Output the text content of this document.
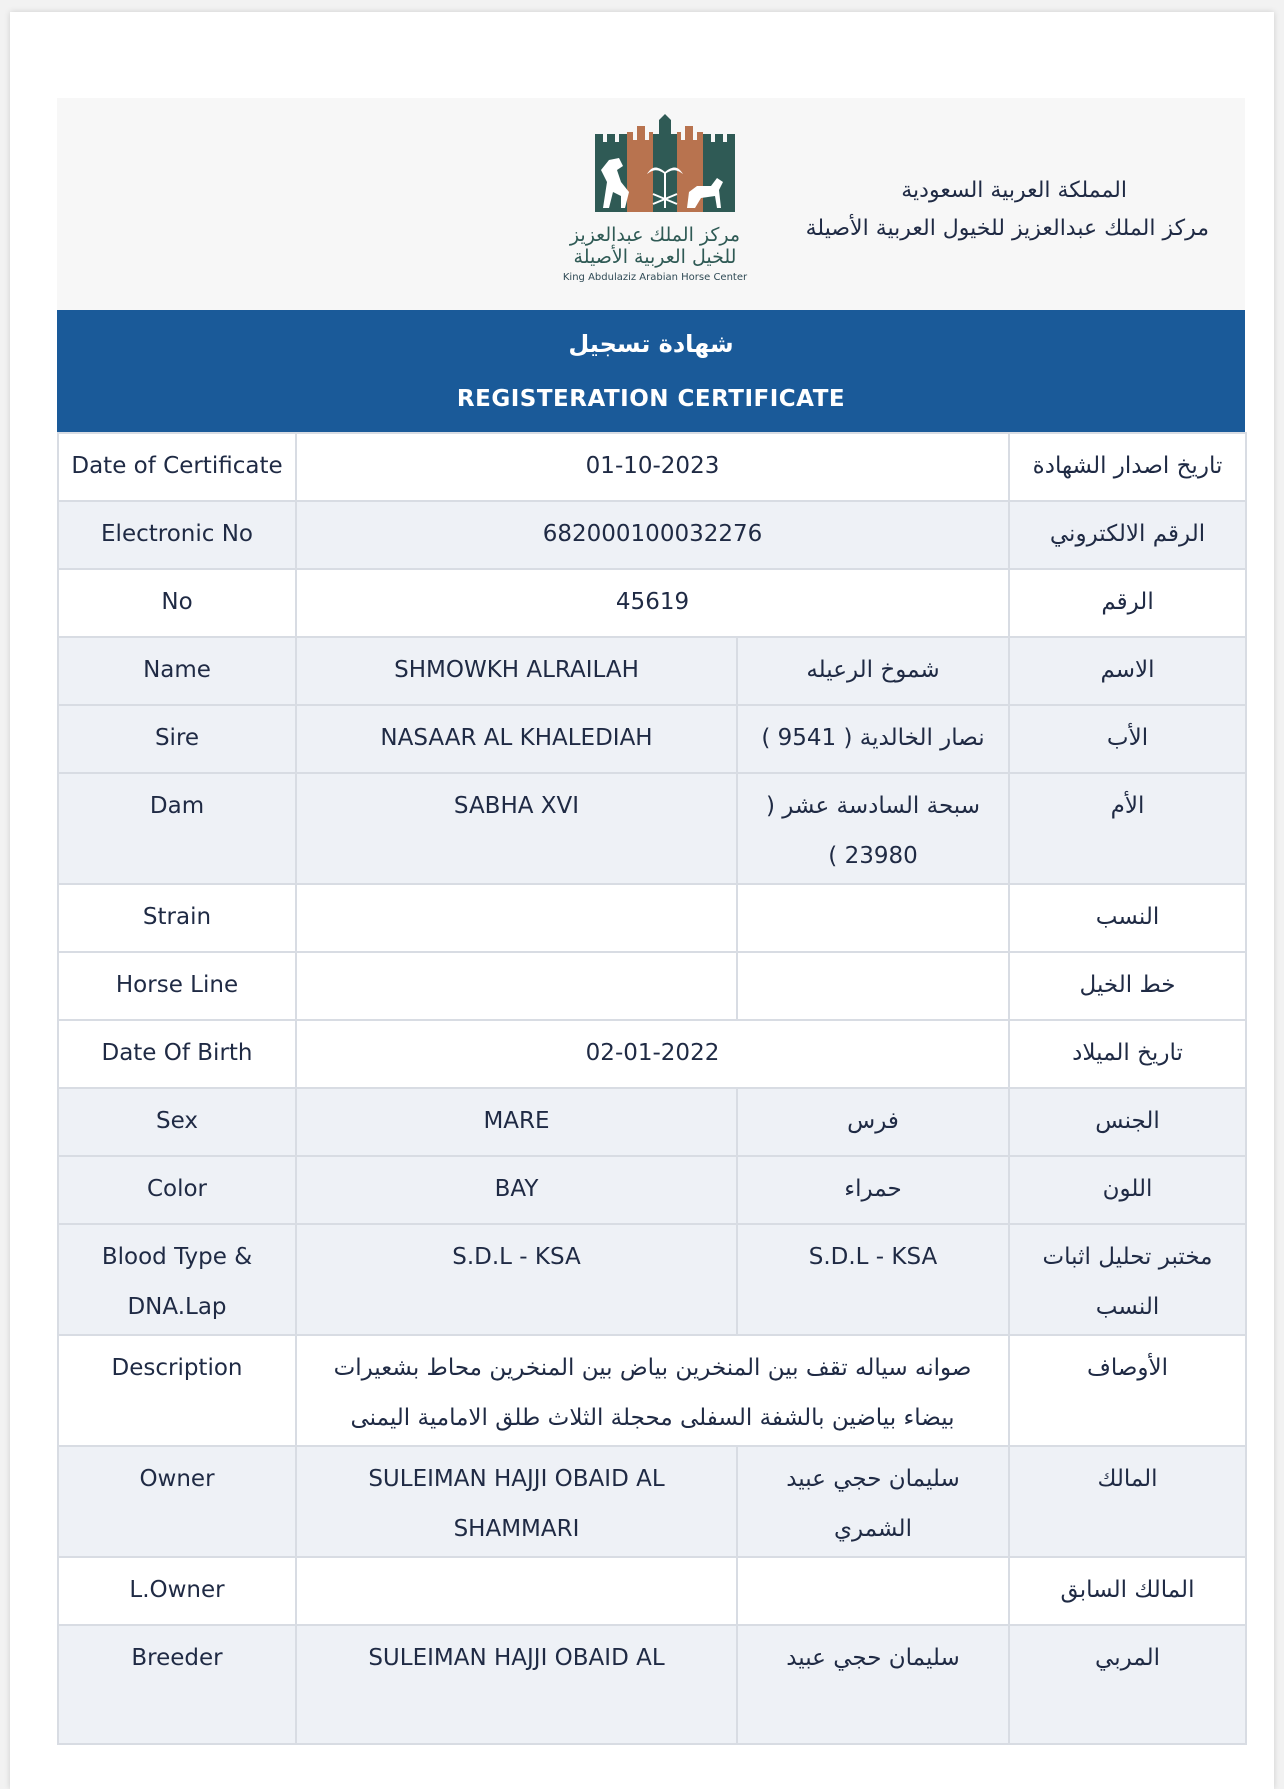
مركز الملك عبدالعزيز
للخيل العربية الأصيلة
King Abdulaziz Arabian Horse Center
المملكة العربية السعودية
مركز الملك عبدالعزيز للخيول العربية الأصيلة
شهادة تسجيل
REGISTERATION CERTIFICATE
Date of Certificate	01-10-2023		تاريخ اصدار الشهادة
Electronic No	682000100032276		الرقم الالكتروني
No	45619		الرقم
Name	SHMOWKH ALRAILAH	شموخ الرعيله	الاسم
Sire	NASAAR AL KHALEDIAH	نصار الخالدية ( 9541 )	الأب
Dam	SABHA XVI	سبحة السادسة عشر ( 23980 )	الأم
Strain			النسب
Horse Line			خط الخيل
Date Of Birth	02-01-2022		تاريخ الميلاد
Sex	MARE	فرس	الجنس
Color	BAY	حمراء	اللون
Blood Type & DNA.Lap	S.D.L - KSA	S.D.L - KSA	مختبر تحليل اثبات النسب
Description	صوانه سياله تقف بين المنخرين بياض بين المنخرين محاط بشعيرات بيضاء بياضين بالشفة السفلى محجلة الثلاث طلق الامامية اليمنى		الأوصاف
Owner	SULEIMAN HAJJI OBAID AL SHAMMARI	سليمان حجي عبيد الشمري	المالك
L.Owner			المالك السابق
Breeder	SULEIMAN HAJJI OBAID AL	سليمان حجي عبيد	المربي
